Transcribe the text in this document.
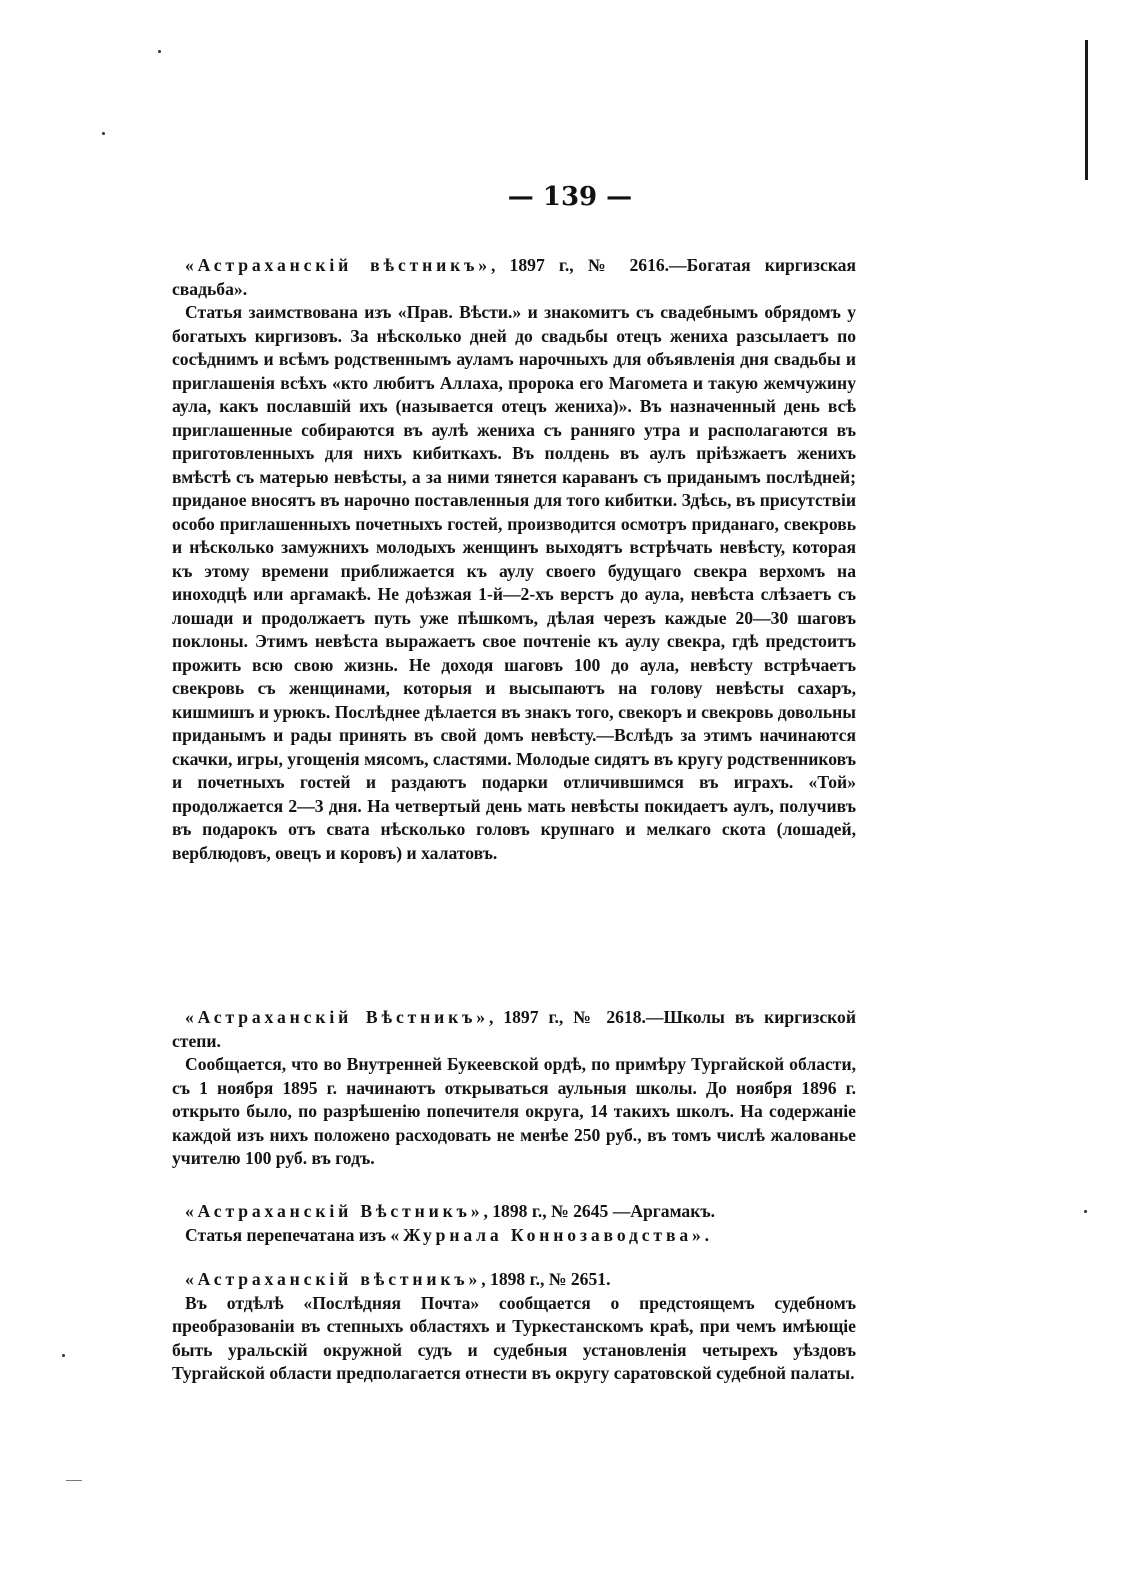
— 139 —

«Астраханскій вѣстникъ», 1897 г., № 2616.—Богатая киргизская свадьба».

Статья заимствована изъ «Прав. Вѣсти.» и знакомитъ съ свадебнымъ обрядомъ у богатыхъ киргизовъ. За нѣсколько дней до свадьбы отецъ жениха разсылаетъ по сосѣднимъ и всѣмъ родственнымъ ауламъ нарочныхъ для объявленія дня свадьбы и приглашенія всѣхъ «кто любитъ Аллаха, пророка его Магомета и такую жемчужину аула, какъ пославшій ихъ (называется отецъ жениха)». Въ назначенный день всѣ приглашенные собираются въ аулѣ жениха съ ранняго утра и располагаются въ приготовленныхъ для нихъ кибиткахъ. Въ полдень въ аулъ пріѣзжаетъ женихъ вмѣстѣ съ матерью невѣсты, а за ними тянется караванъ съ приданымъ послѣдней; приданое вносятъ въ нарочно поставленныя для того кибитки. Здѣсь, въ присутствіи особо приглашенныхъ почетныхъ гостей, производится осмотръ приданаго, свекровь и нѣсколько замужнихъ молодыхъ женщинъ выходятъ встрѣчать невѣсту, которая къ этому времени приближается къ аулу своего будущаго свекра верхомъ на иноходцѣ или аргамакѣ. Не доѣзжая 1-й—2-хъ верстъ до аула, невѣста слѣзаетъ съ лошади и продолжаетъ путь уже пѣшкомъ, дѣлая черезъ каждые 20—30 шаговъ поклоны. Этимъ невѣста выражаетъ свое почтеніе къ аулу свекра, гдѣ предстоитъ прожить всю свою жизнь. Не доходя шаговъ 100 до аула, невѣсту встрѣчаетъ свекровь съ женщинами, которыя и высыпаютъ на голову невѣсты сахаръ, кишмишъ и урюкъ. Послѣднее дѣлается въ знакъ того, свекоръ и свекровь довольны приданымъ и рады принять въ свой домъ невѣсту.—Вслѣдъ за этимъ начинаются скачки, игры, угощенія мясомъ, сластями. Молодые сидятъ въ кругу родственниковъ и почетныхъ гостей и раздаютъ подарки отличившимся въ играхъ. «Той» продолжается 2—3 дня. На четвертый день мать невѣсты покидаетъ аулъ, получивъ въ подарокъ отъ свата нѣсколько головъ крупнаго и мелкаго скота (лошадей, верблюдовъ, овецъ и коровъ) и халатовъ.

«Астраханскій Вѣстникъ», 1897 г., № 2618.—Школы въ киргизской степи.

Сообщается, что во Внутренней Букеевской ордѣ, по примѣру Тургайской области, съ 1 ноября 1895 г. начинаютъ открываться аульныя школы. До ноября 1896 г. открыто было, по разрѣшенію попечителя округа, 14 такихъ школъ. На содержаніе каждой изъ нихъ положено расходовать не менѣе 250 руб., въ томъ числѣ жалованье учителю 100 руб. въ годъ.

«Астраханскій Вѣстникъ», 1898 г., № 2645 —Аргамакъ.

Статья перепечатана изъ «Журнала Коннозаводства».

«Астраханскій вѣстникъ», 1898 г., № 2651.

Въ отдѣлѣ «Послѣдняя Почта» сообщается о предстоящемъ судебномъ преобразованіи въ степныхъ областяхъ и Туркестанскомъ краѣ, при чемъ имѣющіе быть уральскій окружной судъ и судебныя установленія четырехъ уѣздовъ Тургайской области предполагается отнести въ округу саратовской судебной палаты.
